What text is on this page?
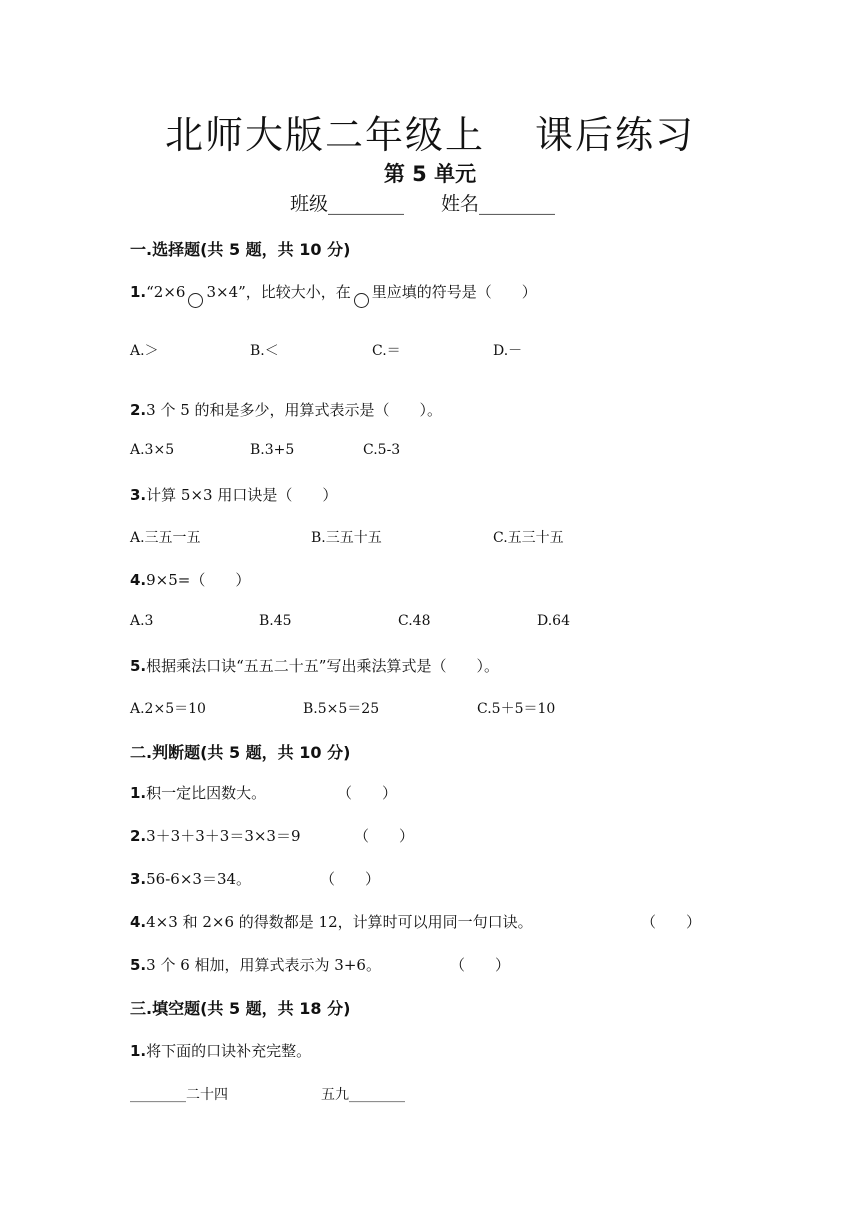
北师大版二年级上 课后练习
第 5 单元
班级________ 姓名________
一.选择题(共 5 题，共 10 分)
1.“2×6 3×4”，比较大小，在 里应填的符号是（　　）
A.＞	B.＜	C.＝	D.－
2.3 个 5 的和是多少，用算式表示是（　　）。
A.3×5	B.3+5	C.5-3
3.计算 5×3 用口诀是（　　）
A.三五一五	B.三五十五	C.五三十五
4.9×5=（　　）
A.3	B.45	C.48	D.64
5.根据乘法口诀“五五二十五”写出乘法算式是（　　）。
A.2×5＝10	B.5×5＝25	C.5＋5＝10
二.判断题(共 5 题，共 10 分)
1.积一定比因数大。	（　　）
2.3＋3＋3＋3＝3×3＝9	（　　）
3.56-6×3＝34。	（　　）
4.4×3 和 2×6 的得数都是 12，计算时可以用同一句口诀。	（　　）
5.3 个 6 相加，用算式表示为 3+6。	（　　）
三.填空题(共 5 题，共 18 分)
1.将下面的口诀补充完整。
________二十四	五九________
